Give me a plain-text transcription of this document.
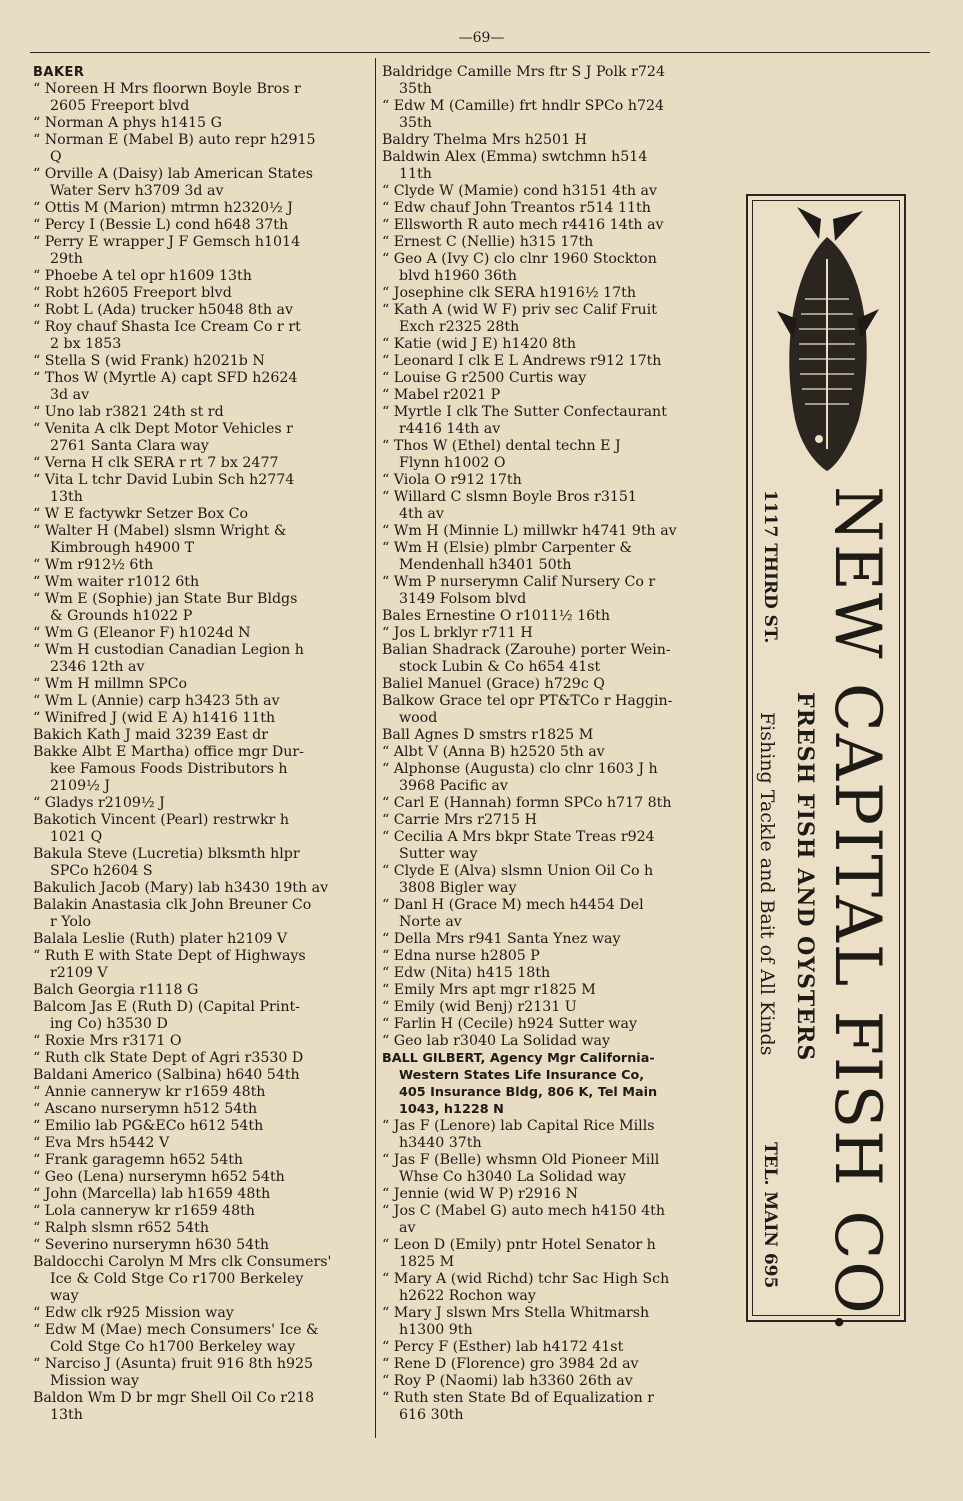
—69—
BAKER
“ Noreen H Mrs floorwn Boyle Bros r
2605 Freeport blvd
“ Norman A phys h1415 G
“ Norman E (Mabel B) auto repr h2915
Q
“ Orville A (Daisy) lab American States
Water Serv h3709 3d av
“ Ottis M (Marion) mtrmn h2320½ J
“ Percy I (Bessie L) cond h648 37th
“ Perry E wrapper J F Gemsch h1014
29th
“ Phoebe A tel opr h1609 13th
“ Robt h2605 Freeport blvd
“ Robt L (Ada) trucker h5048 8th av
“ Roy chauf Shasta Ice Cream Co r rt
2 bx 1853
“ Stella S (wid Frank) h2021b N
“ Thos W (Myrtle A) capt SFD h2624
3d av
“ Uno lab r3821 24th st rd
“ Venita A clk Dept Motor Vehicles r
2761 Santa Clara way
“ Verna H clk SERA r rt 7 bx 2477
“ Vita L tchr David Lubin Sch h2774
13th
“ W E factywkr Setzer Box Co
“ Walter H (Mabel) slsmn Wright &
Kimbrough h4900 T
“ Wm r912½ 6th
“ Wm waiter r1012 6th
“ Wm E (Sophie) jan State Bur Bldgs
& Grounds h1022 P
“ Wm G (Eleanor F) h1024d N
“ Wm H custodian Canadian Legion h
2346 12th av
“ Wm H millmn SPCo
“ Wm L (Annie) carp h3423 5th av
“ Winifred J (wid E A) h1416 11th
Bakich Kath J maid 3239 East dr
Bakke Albt E Martha) office mgr Dur-
kee Famous Foods Distributors h
2109½ J
“ Gladys r2109½ J
Bakotich Vincent (Pearl) restrwkr h
1021 Q
Bakula Steve (Lucretia) blksmth hlpr
SPCo h2604 S
Bakulich Jacob (Mary) lab h3430 19th av
Balakin Anastasia clk John Breuner Co
r Yolo
Balala Leslie (Ruth) plater h2109 V
“ Ruth E with State Dept of Highways
r2109 V
Balch Georgia r1118 G
Balcom Jas E (Ruth D) (Capital Print-
ing Co) h3530 D
“ Roxie Mrs r3171 O
“ Ruth clk State Dept of Agri r3530 D
Baldani Americo (Salbina) h640 54th
“ Annie canneryw kr r1659 48th
“ Ascano nurserymn h512 54th
“ Emilio lab PG&ECo h612 54th
“ Eva Mrs h5442 V
“ Frank garagemn h652 54th
“ Geo (Lena) nurserymn h652 54th
“ John (Marcella) lab h1659 48th
“ Lola canneryw kr r1659 48th
“ Ralph slsmn r652 54th
“ Severino nurserymn h630 54th
Baldocchi Carolyn M Mrs clk Consumers'
Ice & Cold Stge Co r1700 Berkeley
way
“ Edw clk r925 Mission way
“ Edw M (Mae) mech Consumers' Ice &
Cold Stge Co h1700 Berkeley way
“ Narciso J (Asunta) fruit 916 8th h925
Mission way
Baldon Wm D br mgr Shell Oil Co r218
13th
Baldridge Camille Mrs ftr S J Polk r724
35th
“ Edw M (Camille) frt hndlr SPCo h724
35th
Baldry Thelma Mrs h2501 H
Baldwin Alex (Emma) swtchmn h514
11th
“ Clyde W (Mamie) cond h3151 4th av
“ Edw chauf John Treantos r514 11th
“ Ellsworth R auto mech r4416 14th av
“ Ernest C (Nellie) h315 17th
“ Geo A (Ivy C) clo clnr 1960 Stockton
blvd h1960 36th
“ Josephine clk SERA h1916½ 17th
“ Kath A (wid W F) priv sec Calif Fruit
Exch r2325 28th
“ Katie (wid J E) h1420 8th
“ Leonard I clk E L Andrews r912 17th
“ Louise G r2500 Curtis way
“ Mabel r2021 P
“ Myrtle I clk The Sutter Confectaurant
r4416 14th av
“ Thos W (Ethel) dental techn E J
Flynn h1002 O
“ Viola O r912 17th
“ Willard C slsmn Boyle Bros r3151
4th av
“ Wm H (Minnie L) millwkr h4741 9th av
“ Wm H (Elsie) plmbr Carpenter &
Mendenhall h3401 50th
“ Wm P nurserymn Calif Nursery Co r
3149 Folsom blvd
Bales Ernestine O r1011½ 16th
“ Jos L brklyr r711 H
Balian Shadrack (Zarouhe) porter Wein-
stock Lubin & Co h654 41st
Baliel Manuel (Grace) h729c Q
Balkow Grace tel opr PT&TCo r Haggin-
wood
Ball Agnes D smstrs r1825 M
“ Albt V (Anna B) h2520 5th av
“ Alphonse (Augusta) clo clnr 1603 J h
3968 Pacific av
“ Carl E (Hannah) formn SPCo h717 8th
“ Carrie Mrs r2715 H
“ Cecilia A Mrs bkpr State Treas r924
Sutter way
“ Clyde E (Alva) slsmn Union Oil Co h
3808 Bigler way
“ Danl H (Grace M) mech h4454 Del
Norte av
“ Della Mrs r941 Santa Ynez way
“ Edna nurse h2805 P
“ Edw (Nita) h415 18th
“ Emily Mrs apt mgr r1825 M
“ Emily (wid Benj) r2131 U
“ Farlin H (Cecile) h924 Sutter way
“ Geo lab r3040 La Solidad way
BALL GILBERT, Agency Mgr California-
Western States Life Insurance Co,
405 Insurance Bldg, 806 K, Tel Main
1043, h1228 N
“ Jas F (Lenore) lab Capital Rice Mills
h3440 37th
“ Jas F (Belle) whsmn Old Pioneer Mill
Whse Co h3040 La Solidad way
“ Jennie (wid W P) r2916 N
“ Jos C (Mabel G) auto mech h4150 4th
av
“ Leon D (Emily) pntr Hotel Senator h
1825 M
“ Mary A (wid Richd) tchr Sac High Sch
h2622 Rochon way
“ Mary J slswn Mrs Stella Whitmarsh
h1300 9th
“ Percy F (Esther) lab h4172 41st
“ Rene D (Florence) gro 3984 2d av
“ Roy P (Naomi) lab h3360 26th av
“ Ruth sten State Bd of Equalization r
616 30th
NEW CAPITAL FISH CO.
FRESH FISH AND OYSTERS
Fishing Tackle and Bait of All Kinds
1117 THIRD ST.
TEL. MAIN 695
